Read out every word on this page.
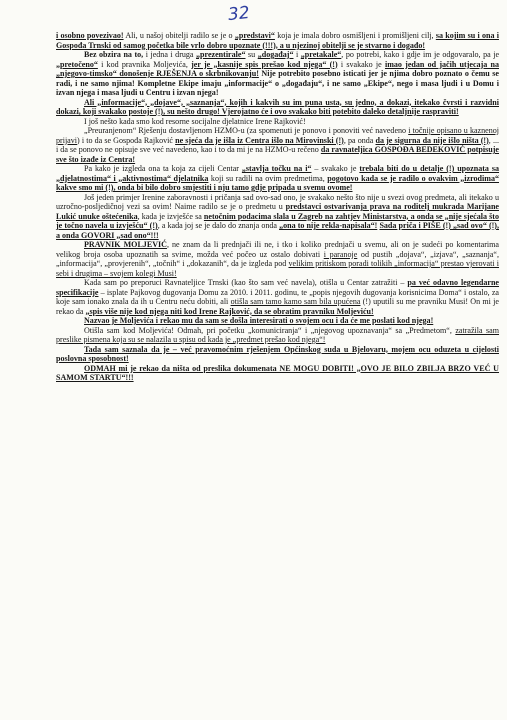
32

i osobno povezivao! Ali, u našoj obitelji radilo se je o „predstavi“ koja je imala dobro osmišljeni i promišljeni cilj, sa kojim su i ona i Gospođa Trnski od samog početka bile vrlo dobro upoznate (!!!), a u njezinoj obitelji se je stvarno i događo!

Bez obzira na to, i jedna i druga „prezentirale“ su „događaj“ i „pretakale“, po potrebi, kako i gdje im je odgovaralo, pa je „pretočeno“ i kod pravnika Moljevića, jer je „kasnije spis prešao kod njega“ (!) i svakako je imao jedan od jačih utjecaja na „njegovo-timsko“ donošenje RJEŠENJA o skrbnikovanju! Nije potrebito posebno isticati jer je njima dobro poznato o čemu se radi, i ne samo njima! Kompletne Ekipe imaju „informacije“ o „događaju“, i ne samo „Ekipe“, nego i masa ljudi i u Domu i izvan njega i masa ljudi u Centru i izvan njega!

Ali „informacije“, „dojave“, „saznanja“, kojih i kakvih su im puna usta, su jedno, a dokazi, itekako čvrsti i razvidni dokazi, koji svakako postoje (!), su nešto drugo! Vjerojatno će i ovo svakako biti potebito daleko detaljnije raspraviti!

I još nešto kada smo kod resorne socijalne djelatnice Irene Rajković!

„Preuranjenom“ Rješenju dostavljenom HZMO-u (za spomenuti je ponovo i ponoviti već navedeno i točnije opisano u kaznenoj prijavi) i to da se Gospođa Rajković ne sjeća da je išla iz Centra išlo na Mirovinski (!), pa onda da je sigurna da nije išlo ništa (!), ... i da se ponovo ne opisuje sve već navedeno, kao i to da mi je na HZMO-u rečeno da ravnateljica GOSPOĐA BEDEKOVIĆ potpisuje sve što izađe iz Centra!

Pa kako je izgleda ona ta koja za cijeli Centar „stavlja točku na i“ – svakako je trebala biti do u detalje (!) upoznata sa „djelatnostima“ i „aktivnostima“ djelatnika koji su radili na ovim predmetima, pogotovo kada se je radilo o ovakvim „izrodima“ kakve smo mi (!), onda bi bilo dobro smjestiti i nju tamo gdje pripada u svemu ovome!

Još jeden primjer Irenine zaboravnosti i pričanja sad ovo-sad ono, je svakako nešto što nije u svezi ovog predmeta, ali itekako u uzročno-posljedičnoj vezi sa ovim! Naime radilo se je o predmetu u predstavci ostvarivanja prava na roditelj mukrada Marijane Lukić unuke oštećenika, kada je izvješće sa netočnim podacima slala u Zagreb na zahtjev Ministarstva, a onda se „nije sjećala što je točno navela u izvješću“ (!), a kada joj se je dalo do znanja onda „ona to nije rekla-napisala“! Sada priča i PIŠE (!) „sad ovo“ (!), a onda GOVORI „sad ono“!!!

PRAVNIK MOLJEVIĆ, ne znam da li prednjači ili ne, i tko i koliko prednjači u svemu, ali on je sudeći po komentarima velikog broja osoba upoznatih sa svime, možda već počeo uz ostalo dobivati i paranoje od pustih „dojava“, „izjava“, „saznanja“, „informacija“, „provjerenih“, „točnih“ i „dokazanih“, da je izgleda pod velikim pritiskom poradi tolikih „informacija“ prestao vjerovati i sebi i drugima – svojem kolegi Musi!

Kada sam po preporuci Ravnateljice Trnski (kao što sam već navela), otišla u Centar zatražiti – pa već odavno legendarne specifikacije – isplate Pajkovog dugovanja Domu za 2010. i 2011. godinu, te „popis njegovih dugovanja korisnicima Doma“ i ostalo, za koje sam ionako znala da ih u Centru neću dobiti, ali otišla sam tamo kamo sam bila upućena (!) uputili su me pravniku Musi! On mi je rekao da „spis više nije kod njega niti kod Irene Rajković, da se obratim pravniku Moljeviću!

Nazvao je Moljevića i rekao mu da sam se došla interesirati o svojem ocu i da će me poslati kod njega!

Otišla sam kod Moljevića! Odmah, pri početku „komuniciranja“ i „njegovog upoznavanja“ sa „Predmetom“, zatražila sam preslike pismena koja su se nalazila u spisu od kada je „predmet prešao kod njega“!

Tada sam saznala da je – već pravomoćnim rješenjem Općinskog suda u Bjelovaru, mojem ocu oduzeta u cijelosti poslovna sposobnost!

ODMAH mi je rekao da ništa od preslika dokumenata NE MOGU DOBITI! „OVO JE BILO ZBILJA BRZO VEĆ U SAMOM STARTU“!!!
